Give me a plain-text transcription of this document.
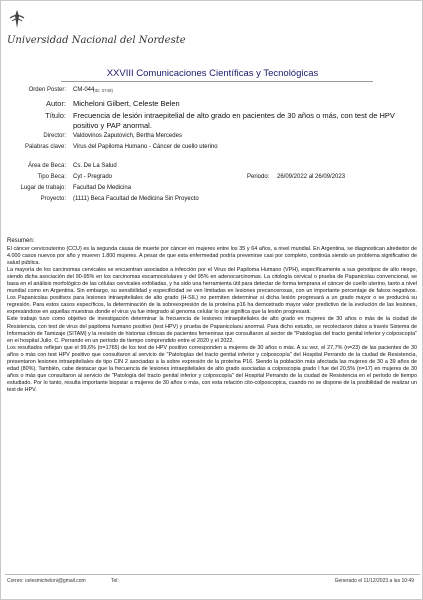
Universidad Nacional del Nordeste
XXVIII Comunicaciones Científicas y Tecnológicas
Orden Poster: CM-044
(ID: 3749)
Autor: Micheloni Gilbert, Celeste Belen
Título: Frecuencia de lesión intraepitelial de alto grado en pacientes de 30 años o más, con test de HPV
positivo y PAP anormal.
Director: Valdovinos Zaputovich, Bertha Mercedes
Palabras clave: Virus del Papiloma Humano - Cáncer de cuello uterino
Área de Beca: Cs. De La Salud
Tipo Beca: Cyt - Pregrado	Periodo: 26/09/2022 al 26/09/2023
Lugar de trabajo: Facultad De Medicina
Proyecto: (1111) Beca Facultad de Medicina Sin Proyecto
Resumen:

El cáncer cervicouterino (CCU) es la segunda causa de muerte por cáncer en mujeres entre los 35 y 64 años, a nivel mundial. En Argentina, se diagnostican alrededor de 4.000 casos nuevos por año y mueren 1.800 mujeres. A pesar de que esta enfermedad podría prevenirse casi por completo, continúa siendo un problema significativo de salud pública.

La mayoría de los carcinomas cervicales se encuentran asociados a infección por el Virus del Papiloma Humano (VPH), específicamente a sus genotipos de alto riesgo, siendo dicha asociación del 90-95% en los carcinomas escamocelulares y del 95% en adenocarcinomas. La citología cervical o prueba de Papanicolau convencional, se basa en el análisis morfológico de las células cervicales exfoliadas, y ha sido una herramienta útil para detectar de forma temprana el cáncer de cuello uterino, tanto a nivel mundial como en Argentina. Sin embargo, su sensibilidad y especificidad se ven limitadas en lesiones precancerosas, con un importante porcentaje de falsos negativos. Los Papanicolau positivos para lesiones intraepiteliales de alto grado (H-SIL) no permiten determinar si dicha lesión progresará a un grado mayor o se producirá su regresión. Para estos casos específicos, la determinación de la sobreexpresión de la proteína p16 ha demostrado mayor valor predictivo de la evolución de las lesiones, expresándose en aquellas muestras donde el virus ya fue integrado al genoma celular lo que significa que la lesión progresará.

Este trabajo tuvo como objetivo de investigación determinar la frecuencia de lesiones intraepiteliales de alto grado en mujeres de 30 años o más de la ciudad de Resistencia, con test de virus del papiloma humano positivo (test HPV) y prueba de Papanicolaou anormal. Para dicho estudio, se recolectaron datos a través Sistema de Información de Tamizaje (SITAM) y la revisión de historias clínicas de pacientes femeninas que consultaron al sector de "Patologías del tracto genital inferior y colposcopía" en el hospital Julio. C. Perrando en un período de tiempo comprendido entre el 2020 y el 2022.

Los resultados reflejan que el 99,6% (n=1765) de los test de HPV positivo corresponden a mujeres de 30 años o más. A su vez, el 27,7% (n=23) de las pacientes de 30 años o más con test HPV positivo que consultaron al servicio de "Patologías del tracto genital inferior y colposcopía" del Hospital Perrando de la ciudad de Resistencia, presentaron lesiones intraepiteliales de tipo CIN 2 asociadas a la sobre expresión de la proteína P16. Siendo la población más afectada las mujeres de 30 a 39 años de edad (80%). También, cabe destacar que la frecuencia de lesiones intraepiteliales de alto grado asociadas a colposcopia grado I fue del 20,5% (n=17) en mujeres de 30 años o más que consultaron al servicio de "Patología del tracto genital inferior y colposcopía" del Hospital Perrando de la ciudad de Resistencia en el período de tiempo estudiado. Por lo tanto, resulta importante biopsiar a mujeres de 30 años o más, con esta relación cito-colposcopica, cuando no se dispone de la posibilidad de realizar un test de HPV.

Correo: celesmicheloni@gmail.com	Tel:	Generado el 11/12/2023 a las 10:49
